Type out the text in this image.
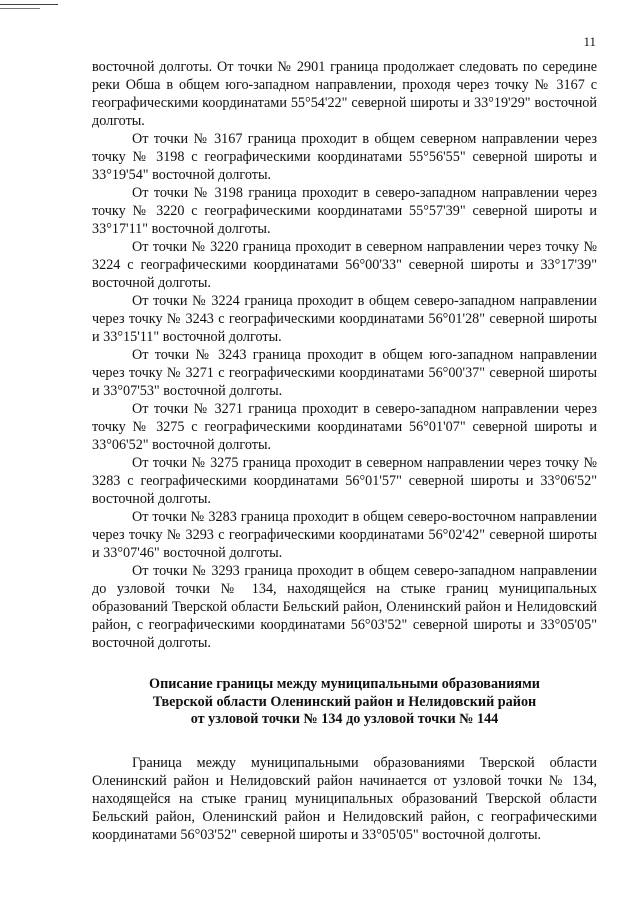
11

восточной долготы. От точки № 2901 граница продолжает следовать по середине реки Обша в общем юго-западном направлении, проходя через точку № 3167 с географическими координатами 55°54'22" северной широты и 33°19'29" восточной долготы.

От точки № 3167 граница проходит в общем северном направлении через точку № 3198 с географическими координатами 55°56'55" северной широты и 33°19'54" восточной долготы.

От точки № 3198 граница проходит в северо-западном направлении через точку № 3220 с географическими координатами 55°57'39" северной широты и 33°17'11" восточной долготы.

От точки № 3220 граница проходит в северном направлении через точку № 3224 с географическими координатами 56°00'33" северной широты и 33°17'39" восточной долготы.

От точки № 3224 граница проходит в общем северо-западном направлении через точку № 3243 с географическими координатами 56°01'28" северной широты и 33°15'11" восточной долготы.

От точки № 3243 граница проходит в общем юго-западном направлении через точку № 3271 с географическими координатами 56°00'37" северной широты и 33°07'53" восточной долготы.

От точки № 3271 граница проходит в северо-западном направлении через точку № 3275 с географическими координатами 56°01'07" северной широты и 33°06'52" восточной долготы.

От точки № 3275 граница проходит в северном направлении через точку № 3283 с географическими координатами 56°01'57" северной широты и 33°06'52" восточной долготы.

От точки № 3283 граница проходит в общем северо-восточном направлении через точку № 3293 с географическими координатами 56°02'42" северной широты и 33°07'46" восточной долготы.

От точки № 3293 граница проходит в общем северо-западном направлении до узловой точки № 134, находящейся на стыке границ муниципальных образований Тверской области Бельский район, Оленинский район и Нелидовский район, с географическими координатами 56°03'52" северной широты и 33°05'05" восточной долготы.

Описание границы между муниципальными образованиями
Тверской области Оленинский район и Нелидовский район
от узловой точки № 134 до узловой точки № 144

Граница между муниципальными образованиями Тверской области Оленинский район и Нелидовский район начинается от узловой точки № 134, находящейся на стыке границ муниципальных образований Тверской области Бельский район, Оленинский район и Нелидовский район, с географическими координатами 56°03'52" северной широты и 33°05'05" восточной долготы.
